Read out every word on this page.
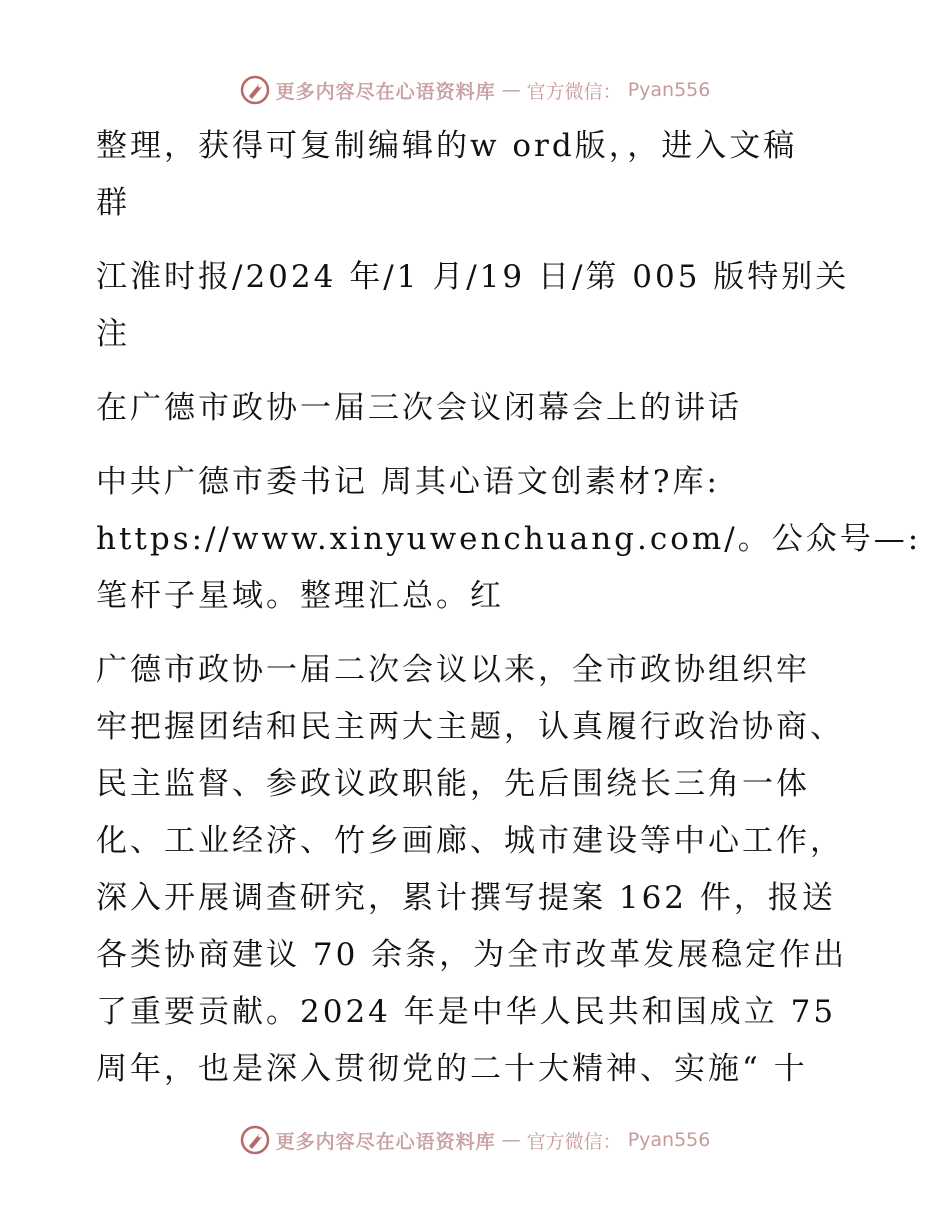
更多内容尽在心语资料库 — 官方微信： Pyan556
整理，获得可复制编辑的w ord版，，进入文稿
群
江淮时报/2024 年/1 月/19 日/第 005 版特别关
注
在广德市政协一届三次会议闭幕会上的讲话
中共广德市委书记 周其心语文创素材?库:
https://www.xinyuwenchuang.com/。公众号—:
笔杆子星域。整理汇总。红
广德市政协一届二次会议以来，全市政协组织牢
牢把握团结和民主两大主题，认真履行政治协商、
民主监督、参政议政职能，先后围绕长三角一体
化、工业经济、竹乡画廊、城市建设等中心工作，
深入开展调查研究，累计撰写提案 162 件，报送
各类协商建议 70 余条，为全市改革发展稳定作出
了重要贡献。2024 年是中华人民共和国成立 75
周年，也是深入贯彻党的二十大精神、实施“ 十
更多内容尽在心语资料库 — 官方微信： Pyan556
